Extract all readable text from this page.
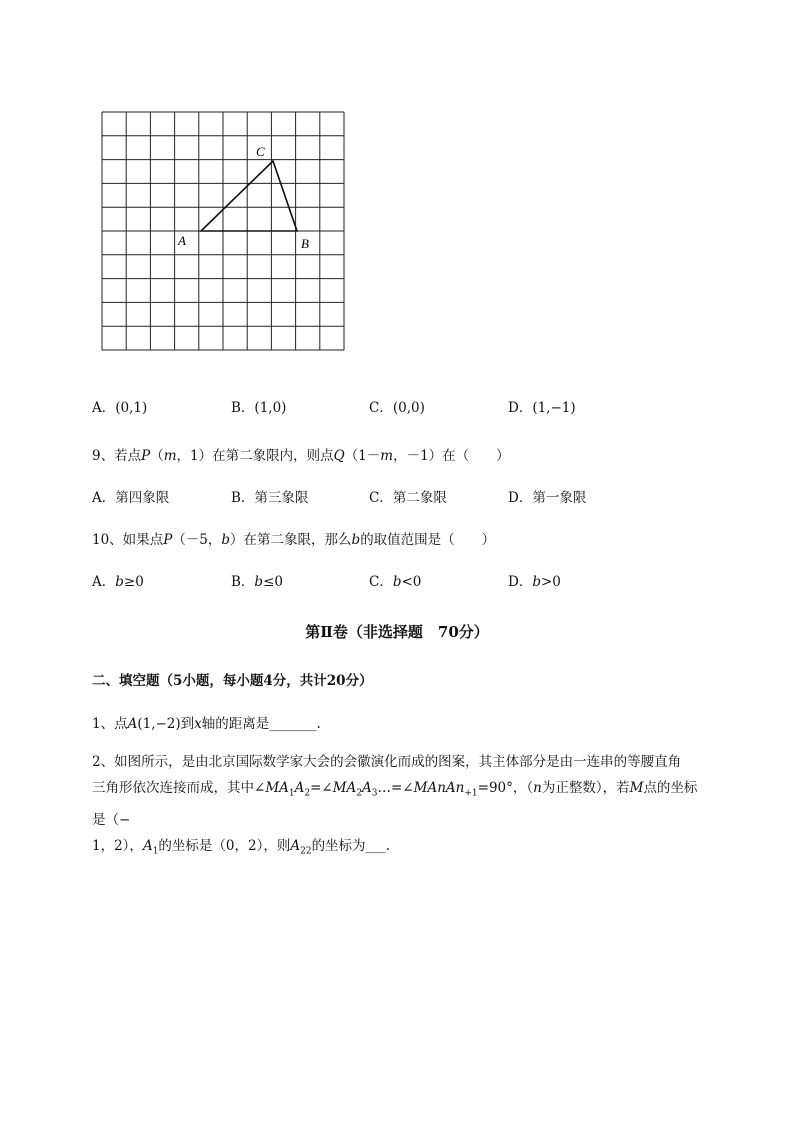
A	B
C
A．(0,1)	B．(1,0)	C．(0,0)	D．(1,−1)
9、若点P（m，1）在第二象限内，则点Q（1－m，－1）在（　　）
A．第四象限	B．第三象限	C．第二象限	D．第一象限
10、如果点P（－5，b）在第二象限，那么b的取值范围是（　　）
A．b≥0	B．b≤0	C．b<0	D．b>0
第Ⅱ卷（非选择题　70分）
二、填空题（5小题，每小题4分，共计20分）
1、点A(1,−2)到x轴的距离是_______.
2、如图所示，是由北京国际数学家大会的会徽演化而成的图案，其主体部分是由一连串的等腰直角
三角形依次连接而成，其中$\angle MA_1A_2=\angle MA_2A_3\dots=\angle MAnAn_{+1}=90^\circ$，（n为正整数），若M点的坐标是（−
1，2），$A_1$的坐标是（0，2），则$A_{22}$的坐标为___.
